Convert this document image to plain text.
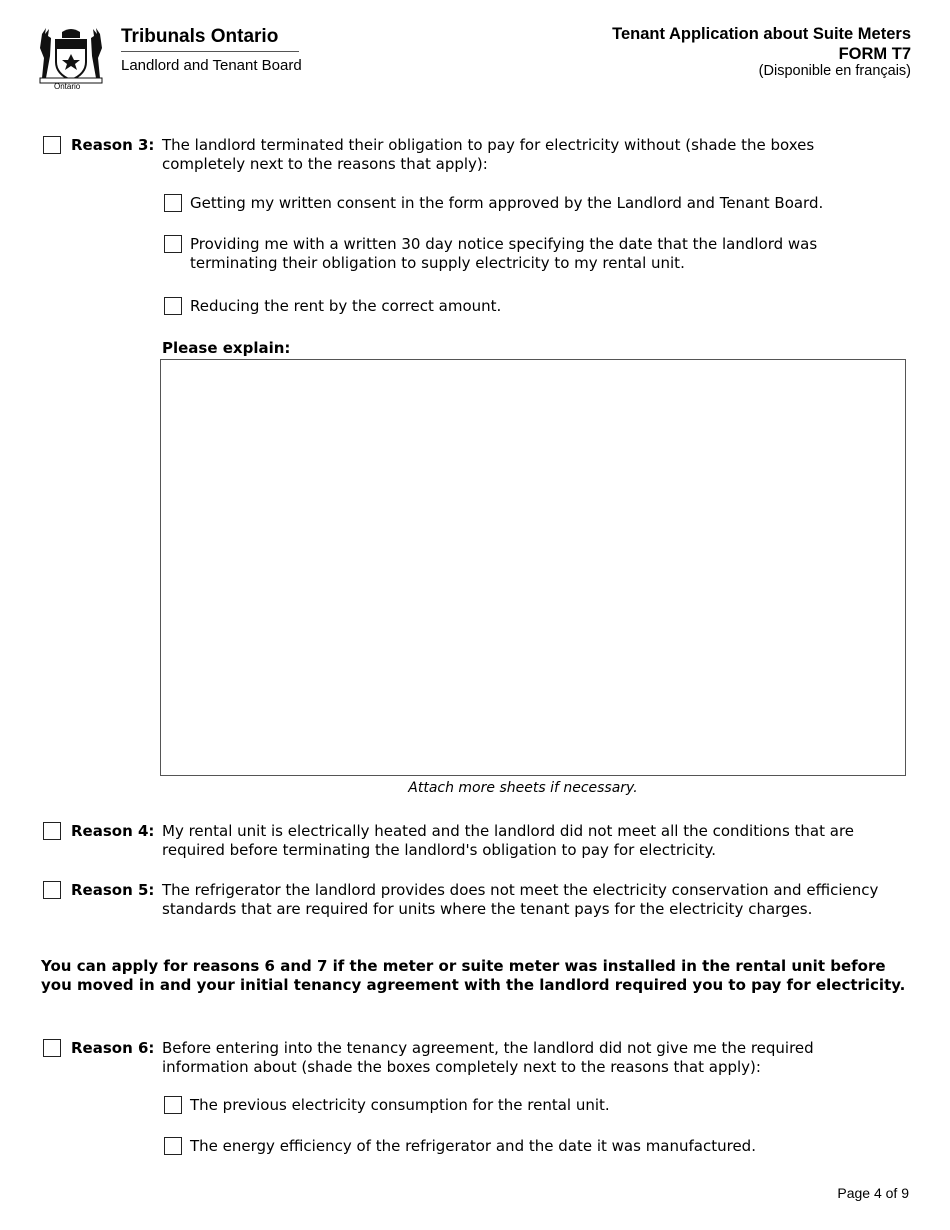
Ontario
Tribunals Ontario
Landlord and Tenant Board
Tenant Application about Suite Meters
FORM T7
(Disponible en français)
Reason 3: The landlord terminated their obligation to pay for electricity without (shade the boxes completely next to the reasons that apply):
Getting my written consent in the form approved by the Landlord and Tenant Board.
Providing me with a written 30 day notice specifying the date that the landlord was terminating their obligation to supply electricity to my rental unit.
Reducing the rent by the correct amount.
Please explain:
Attach more sheets if necessary.
Reason 4: My rental unit is electrically heated and the landlord did not meet all the conditions that are required before terminating the landlord's obligation to pay for electricity.
Reason 5: The refrigerator the landlord provides does not meet the electricity conservation and efficiency standards that are required for units where the tenant pays for the electricity charges.
You can apply for reasons 6 and 7 if the meter or suite meter was installed in the rental unit before you moved in and your initial tenancy agreement with the landlord required you to pay for electricity.
Reason 6: Before entering into the tenancy agreement, the landlord did not give me the required information about (shade the boxes completely next to the reasons that apply):
The previous electricity consumption for the rental unit.
The energy efficiency of the refrigerator and the date it was manufactured.
Page 4 of 9
